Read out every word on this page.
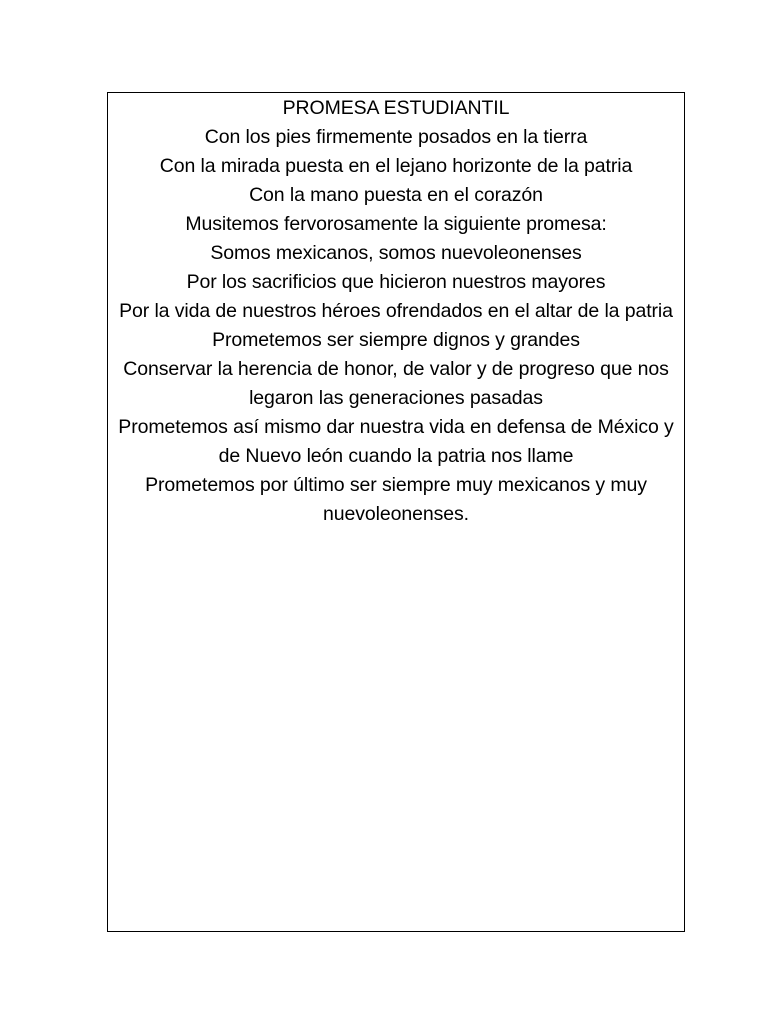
PROMESA ESTUDIANTIL
Con los pies firmemente posados en la tierra
Con la mirada puesta en el lejano horizonte de la patria
Con la mano puesta en el corazón
Musitemos fervorosamente la siguiente promesa:

Somos mexicanos, somos nuevoleonenses
Por los sacrificios que hicieron nuestros mayores
Por la vida de nuestros héroes ofrendados en el altar de la patria

Prometemos ser siempre dignos y grandes
Conservar la herencia de honor, de valor y de progreso que nos legaron las generaciones pasadas

Prometemos así mismo dar nuestra vida en defensa de México y de Nuevo león cuando la patria nos llame

Prometemos por último ser siempre muy mexicanos y muy nuevoleonenses.
